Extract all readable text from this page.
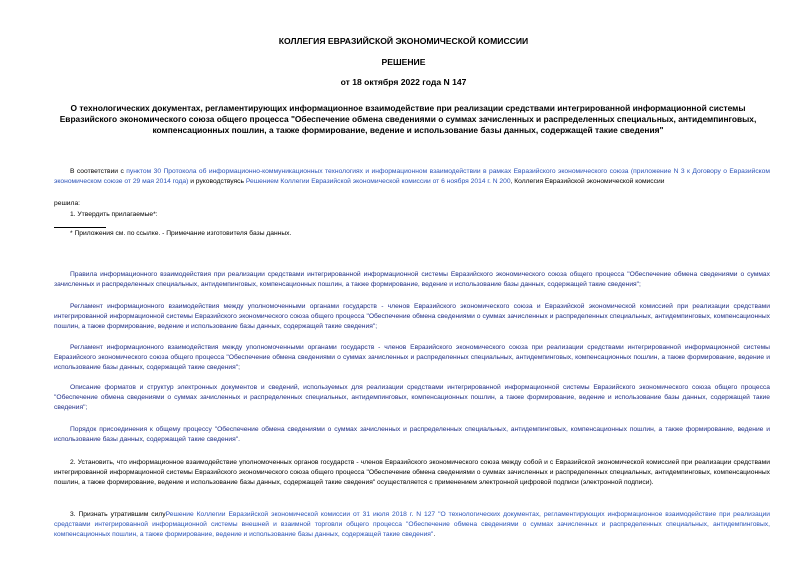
КОЛЛЕГИЯ ЕВРАЗИЙСКОЙ ЭКОНОМИЧЕСКОЙ КОМИССИИ
РЕШЕНИЕ
от 18 октября 2022 года N 147
О технологических документах, регламентирующих информационное взаимодействие при реализации средствами интегрированной информационной системы Евразийского экономического союза общего процесса "Обеспечение обмена сведениями о суммах зачисленных и распределенных специальных, антидемпинговых, компенсационных пошлин, а также формирование, ведение и использование базы данных, содержащей такие сведения"
В соответствии с пунктом 30 Протокола об информационно-коммуникационных технологиях и информационном взаимодействии в рамках Евразийского экономического союза (приложение N 3 к Договору о Евразийском экономическом союзе от 29 мая 2014 года) и руководствуясь Решением Коллегии Евразийской экономической комиссии от 6 ноября 2014 г. N 200, Коллегия Евразийской экономической комиссии
решила:
1. Утвердить прилагаемые*:
* Приложения см. по ссылке. - Примечание изготовителя базы данных.
Правила информационного взаимодействия при реализации средствами интегрированной информационной системы Евразийского экономического союза общего процесса "Обеспечение обмена сведениями о суммах зачисленных и распределенных специальных, антидемпинговых, компенсационных пошлин, а также формирование, ведение и использование базы данных, содержащей такие сведения";
Регламент информационного взаимодействия между уполномоченными органами государств - членов Евразийского экономического союза и Евразийской экономической комиссией при реализации средствами интегрированной информационной системы Евразийского экономического союза общего процесса "Обеспечение обмена сведениями о суммах зачисленных и распределенных специальных, антидемпинговых, компенсационных пошлин, а также формирование, ведение и использование базы данных, содержащей такие сведения";
Регламент информационного взаимодействия между уполномоченными органами государств - членов Евразийского экономического союза при реализации средствами интегрированной информационной системы Евразийского экономического союза общего процесса "Обеспечение обмена сведениями о суммах зачисленных и распределенных специальных, антидемпинговых, компенсационных пошлин, а также формирование, ведение и использование базы данных, содержащей такие сведения";
Описание форматов и структур электронных документов и сведений, используемых для реализации средствами интегрированной информационной системы Евразийского экономического союза общего процесса "Обеспечение обмена сведениями о суммах зачисленных и распределенных специальных, антидемпинговых, компенсационных пошлин, а также формирование, ведение и использование базы данных, содержащей такие сведения";
Порядок присоединения к общему процессу "Обеспечение обмена сведениями о суммах зачисленных и распределенных специальных, антидемпинговых, компенсационных пошлин, а также формирование, ведение и использование базы данных, содержащей такие сведения".
2. Установить, что информационное взаимодействие уполномоченных органов государств - членов Евразийского экономического союза между собой и с Евразийской экономической комиссией при реализации средствами интегрированной информационной системы Евразийского экономического союза общего процесса "Обеспечение обмена сведениями о суммах зачисленных и распределенных специальных, антидемпинговых, компенсационных пошлин, а также формирование, ведение и использование базы данных, содержащей такие сведения" осуществляется с применением электронной цифровой подписи (электронной подписи).
3. Признать утратившим силуРешение Коллегии Евразийской экономической комиссии от 31 июля 2018 г. N 127 "О технологических документах, регламентирующих информационное взаимодействие при реализации средствами интегрированной информационной системы внешней и взаимной торговли общего процесса "Обеспечение обмена сведениями о суммах зачисленных и распределенных специальных, антидемпинговых, компенсационных пошлин, а также формирование, ведение и использование базы данных, содержащей такие сведения".
